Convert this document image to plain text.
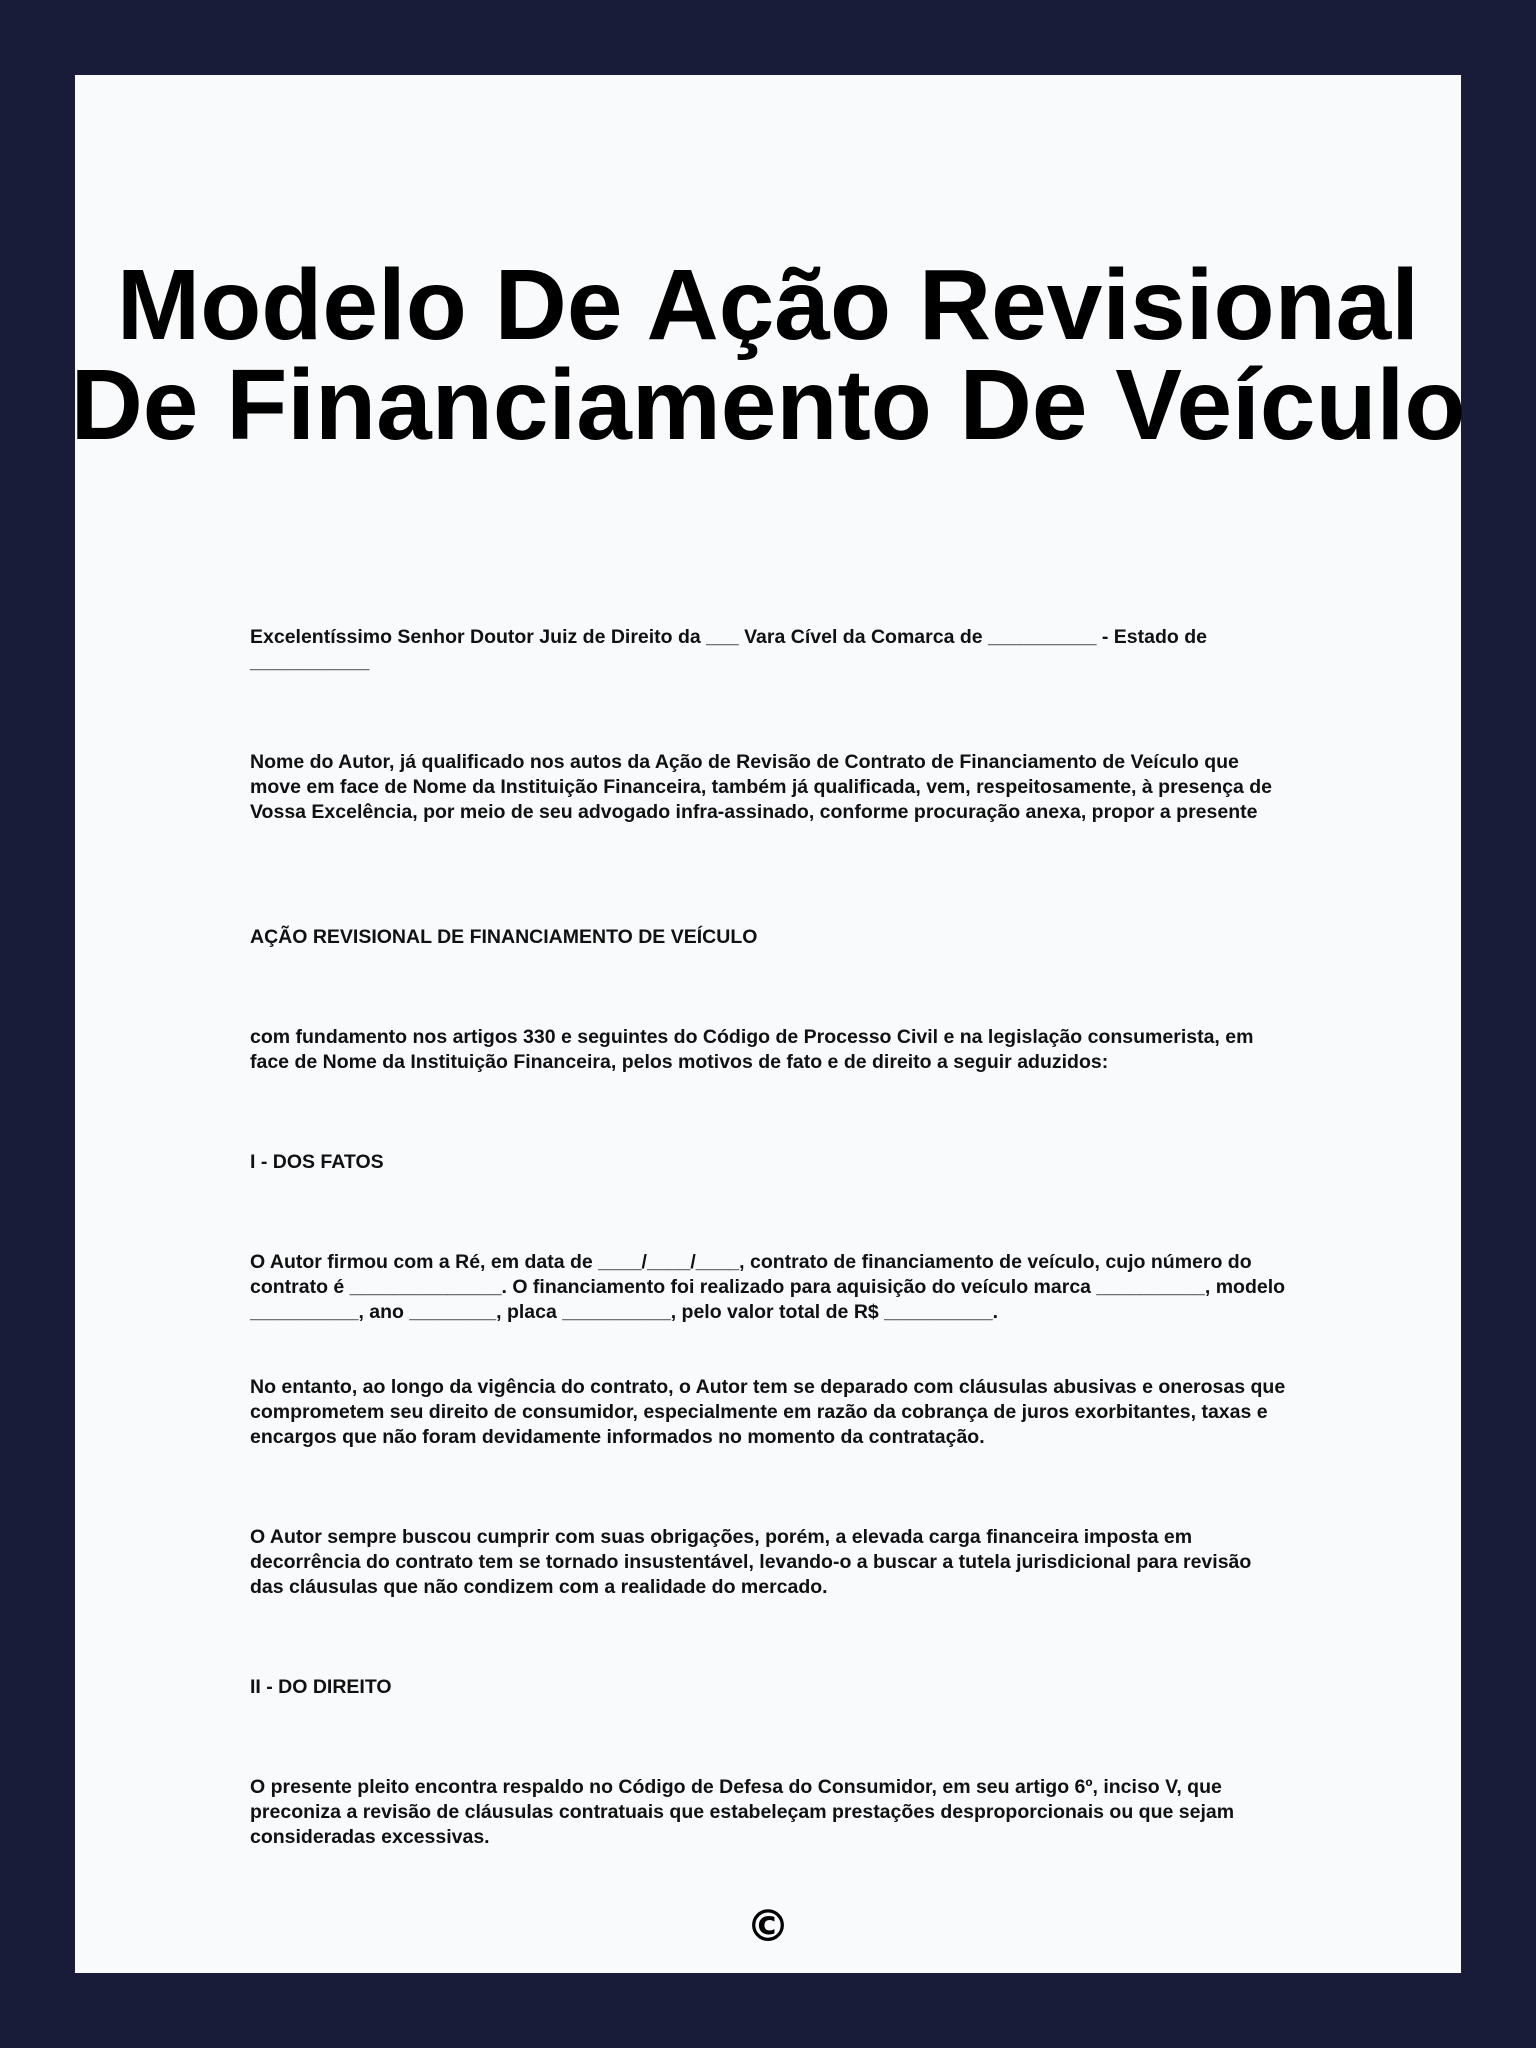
Modelo De Ação Revisional
De Financiamento De Veículo

Excelentíssimo Senhor Doutor Juiz de Direito da ___ Vara Cível da Comarca de __________ - Estado de ___________

Nome do Autor, já qualificado nos autos da Ação de Revisão de Contrato de Financiamento de Veículo que move em face de Nome da Instituição Financeira, também já qualificada, vem, respeitosamente, à presença de Vossa Excelência, por meio de seu advogado infra-assinado, conforme procuração anexa, propor a presente

AÇÃO REVISIONAL DE FINANCIAMENTO DE VEÍCULO

com fundamento nos artigos 330 e seguintes do Código de Processo Civil e na legislação consumerista, em face de Nome da Instituição Financeira, pelos motivos de fato e de direito a seguir aduzidos:

I - DOS FATOS

O Autor firmou com a Ré, em data de ____/____/____, contrato de financiamento de veículo, cujo número do contrato é ______________. O financiamento foi realizado para aquisição do veículo marca __________, modelo __________, ano ________, placa __________, pelo valor total de R$ __________.

No entanto, ao longo da vigência do contrato, o Autor tem se deparado com cláusulas abusivas e onerosas que comprometem seu direito de consumidor, especialmente em razão da cobrança de juros exorbitantes, taxas e encargos que não foram devidamente informados no momento da contratação.

O Autor sempre buscou cumprir com suas obrigações, porém, a elevada carga financeira imposta em decorrência do contrato tem se tornado insustentável, levando-o a buscar a tutela jurisdicional para revisão das cláusulas que não condizem com a realidade do mercado.

II - DO DIREITO

O presente pleito encontra respaldo no Código de Defesa do Consumidor, em seu artigo 6º, inciso V, que preconiza a revisão de cláusulas contratuais que estabeleçam prestações desproporcionais ou que sejam consideradas excessivas.

©
